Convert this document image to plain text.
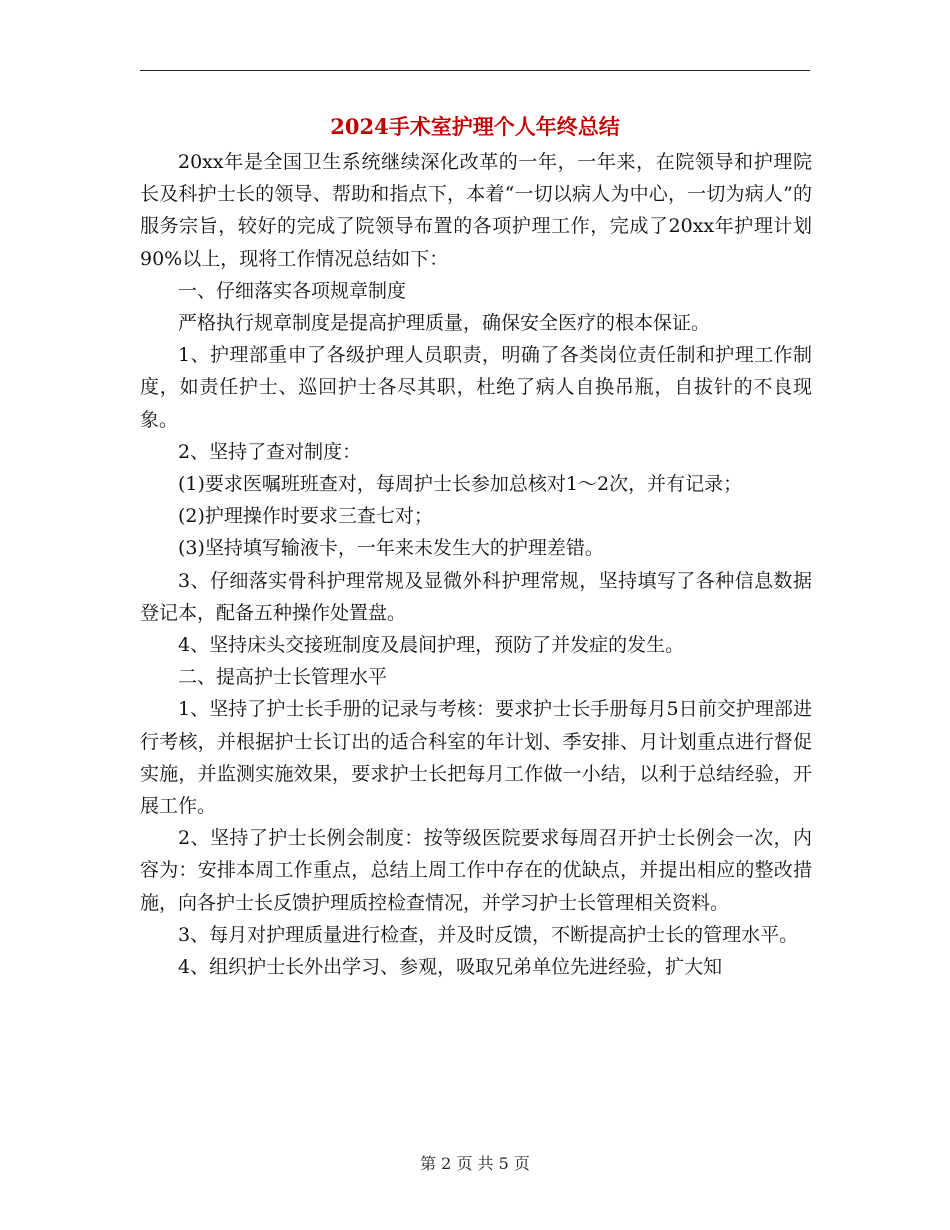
2024手术室护理个人年终总结

20xx年是全国卫生系统继续深化改革的一年，一年来，在院领导和护理院长及科护士长的领导、帮助和指点下，本着“一切以病人为中心，一切为病人”的服务宗旨，较好的完成了院领导布置的各项护理工作，完成了20xx年护理计划90%以上，现将工作情况总结如下：

一、仔细落实各项规章制度

严格执行规章制度是提高护理质量，确保安全医疗的根本保证。

1、护理部重申了各级护理人员职责，明确了各类岗位责任制和护理工作制度，如责任护士、巡回护士各尽其职，杜绝了病人自换吊瓶，自拔针的不良现象。

2、坚持了查对制度：

(1)要求医嘱班班查对，每周护士长参加总核对1～2次，并有记录；

(2)护理操作时要求三查七对；

(3)坚持填写输液卡，一年来未发生大的护理差错。

3、仔细落实骨科护理常规及显微外科护理常规，坚持填写了各种信息数据登记本，配备五种操作处置盘。

4、坚持床头交接班制度及晨间护理，预防了并发症的发生。

二、提高护士长管理水平

1、坚持了护士长手册的记录与考核：要求护士长手册每月5日前交护理部进行考核，并根据护士长订出的适合科室的年计划、季安排、月计划重点进行督促实施，并监测实施效果，要求护士长把每月工作做一小结，以利于总结经验，开展工作。

2、坚持了护士长例会制度：按等级医院要求每周召开护士长例会一次，内容为：安排本周工作重点，总结上周工作中存在的优缺点，并提出相应的整改措施，向各护士长反馈护理质控检查情况，并学习护士长管理相关资料。

3、每月对护理质量进行检查，并及时反馈，不断提高护士长的管理水平。

4、组织护士长外出学习、参观，吸取兄弟单位先进经验，扩大知

第 2 页 共 5 页
